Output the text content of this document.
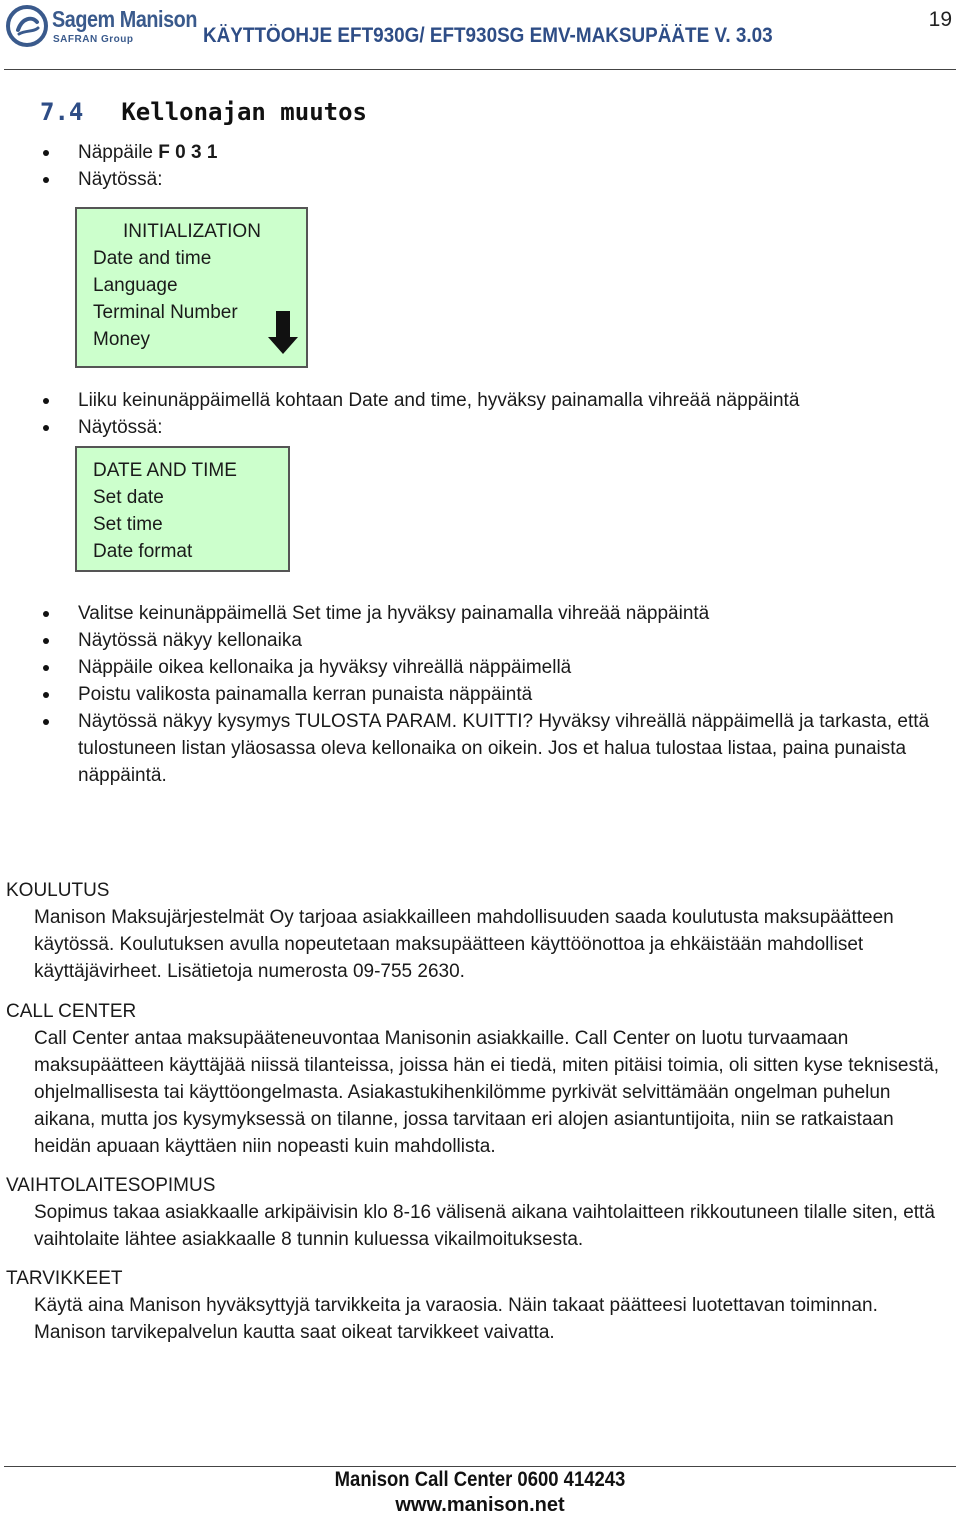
Sagem Manison
SAFRAN Group	KÄYTTÖOHJE EFT930G/ EFT930SG EMV-MAKSUPÄÄTE V. 3.03
19
7.4 Kellonajan muutos
Näppäile F 0 3 1
Näytössä:
INITIALIZATION
Date and time
Language
Terminal Number
Money
Liiku keinunäppäimellä kohtaan Date and time, hyväksy painamalla vihreää näppäintä
Näytössä:
DATE AND TIME
Set date
Set time
Date format
Valitse keinunäppäimellä Set time ja hyväksy painamalla vihreää näppäintä
Näytössä näkyy kellonaika
Näppäile oikea kellonaika ja hyväksy vihreällä näppäimellä
Poistu valikosta painamalla kerran punaista näppäintä
Näytössä näkyy kysymys TULOSTA PARAM. KUITTI? Hyväksy vihreällä näppäimellä ja tarkasta, että tulostuneen listan yläosassa oleva kellonaika on oikein. Jos et halua tulostaa listaa, paina punaista näppäintä.
KOULUTUS
Manison Maksujärjestelmät Oy tarjoaa asiakkailleen mahdollisuuden saada koulutusta maksupäätteen käytössä. Koulutuksen avulla nopeutetaan maksupäätteen käyttöönottoa ja ehkäistään mahdolliset käyttäjävirheet. Lisätietoja numerosta 09-755 2630.
CALL CENTER
Call Center antaa maksupääteneuvontaa Manisonin asiakkaille. Call Center on luotu turvaamaan maksupäätteen käyttäjää niissä tilanteissa, joissa hän ei tiedä, miten pitäisi toimia, oli sitten kyse teknisestä, ohjelmallisesta tai käyttöongelmasta. Asiakastukihenkilömme pyrkivät selvittämään ongelman puhelun aikana, mutta jos kysymyksessä on tilanne, jossa tarvitaan eri alojen asiantuntijoita, niin se ratkaistaan heidän apuaan käyttäen niin nopeasti kuin mahdollista.
VAIHTOLAITESOPIMUS
Sopimus takaa asiakkaalle arkipäivisin klo 8-16 välisenä aikana vaihtolaitteen rikkoutuneen tilalle siten, että vaihtolaite lähtee asiakkaalle 8 tunnin kuluessa vikailmoituksesta.
TARVIKKEET
Käytä aina Manison hyväksyttyjä tarvikkeita ja varaosia. Näin takaat päätteesi luotettavan toiminnan. Manison tarvikepalvelun kautta saat oikeat tarvikkeet vaivatta.
Manison Call Center 0600 414243
www.manison.net
